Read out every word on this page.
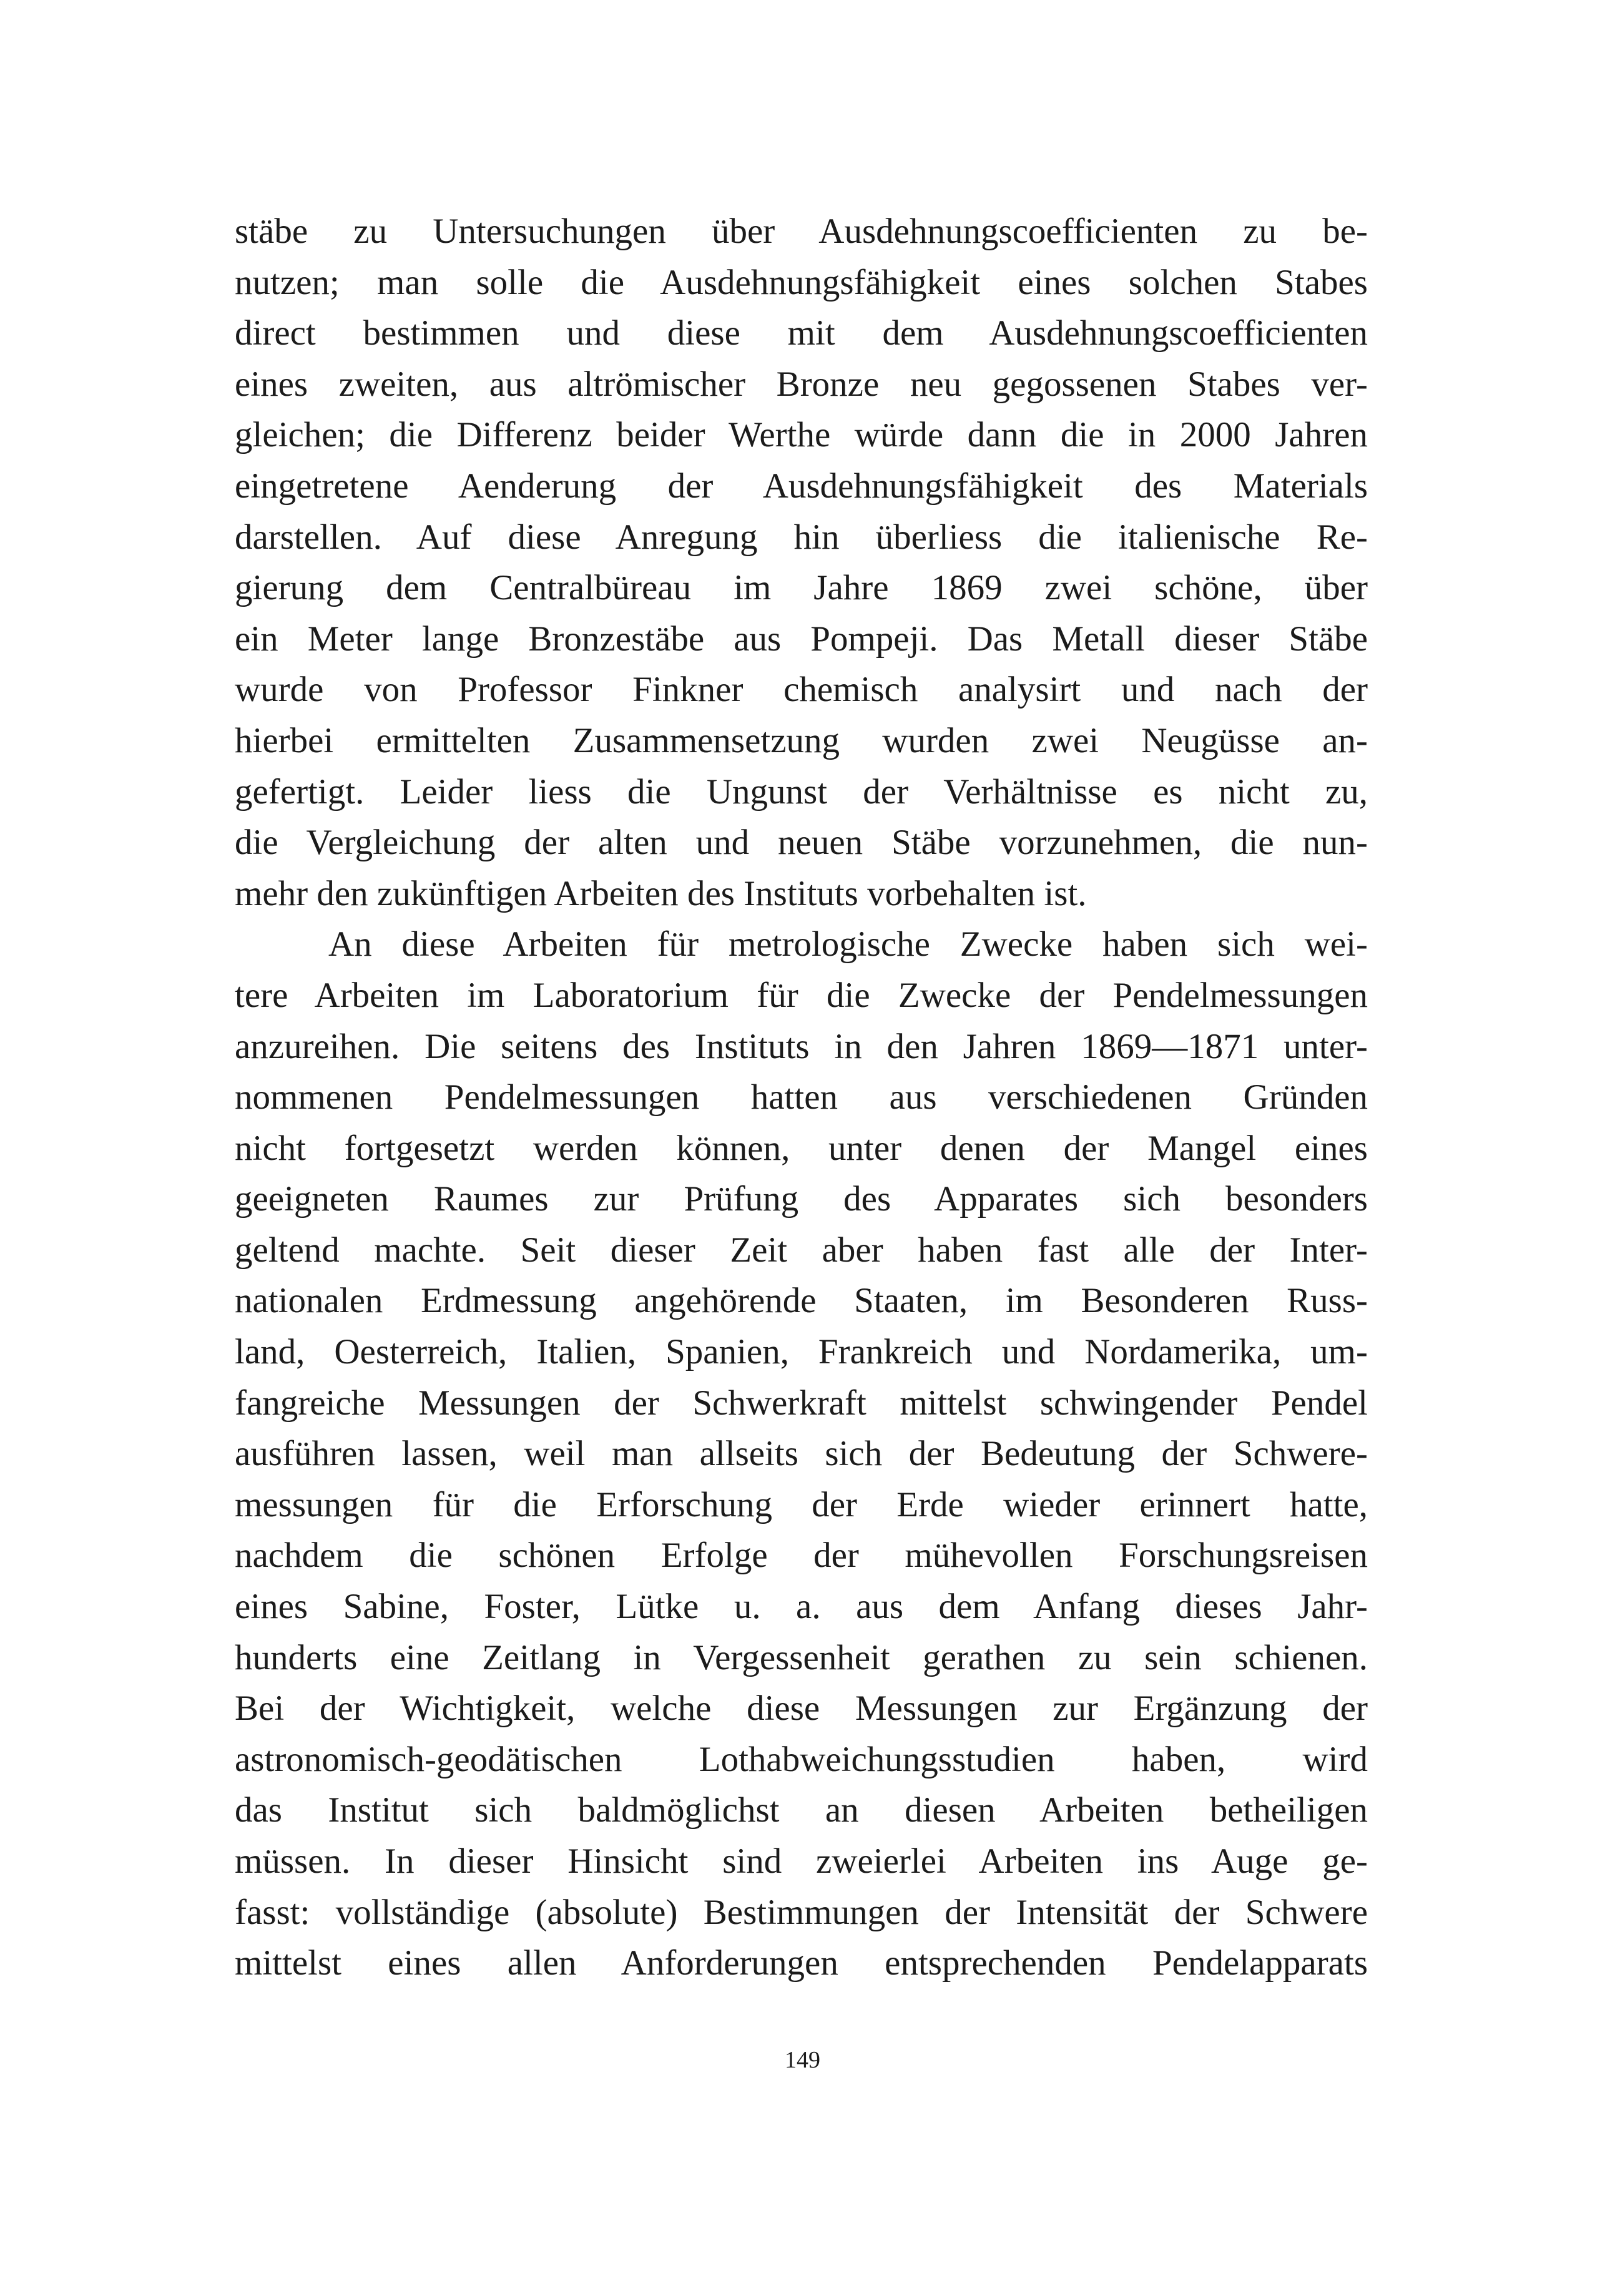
stäbe zu Untersuchungen über Ausdehnungscoefficienten zu be-
nutzen; man solle die Ausdehnungsfähigkeit eines solchen Stabes
direct bestimmen und diese mit dem Ausdehnungscoefficienten
eines zweiten, aus altrömischer Bronze neu gegossenen Stabes ver-
gleichen; die Differenz beider Werthe würde dann die in 2000 Jahren
eingetretene Aenderung der Ausdehnungsfähigkeit des Materials
darstellen. Auf diese Anregung hin überliess die italienische Re-
gierung dem Centralbüreau im Jahre 1869 zwei schöne, über
ein Meter lange Bronzestäbe aus Pompeji. Das Metall dieser Stäbe
wurde von Professor Finkner chemisch analysirt und nach der
hierbei ermittelten Zusammensetzung wurden zwei Neugüsse an-
gefertigt. Leider liess die Ungunst der Verhältnisse es nicht zu,
die Vergleichung der alten und neuen Stäbe vorzunehmen, die nun-
mehr den zukünftigen Arbeiten des Instituts vorbehalten ist.
An diese Arbeiten für metrologische Zwecke haben sich wei-
tere Arbeiten im Laboratorium für die Zwecke der Pendelmessungen
anzureihen. Die seitens des Instituts in den Jahren 1869—1871 unter-
nommenen Pendelmessungen hatten aus verschiedenen Gründen
nicht fortgesetzt werden können, unter denen der Mangel eines
geeigneten Raumes zur Prüfung des Apparates sich besonders
geltend machte. Seit dieser Zeit aber haben fast alle der Inter-
nationalen Erdmessung angehörende Staaten, im Besonderen Russ-
land, Oesterreich, Italien, Spanien, Frankreich und Nordamerika, um-
fangreiche Messungen der Schwerkraft mittelst schwingender Pendel
ausführen lassen, weil man allseits sich der Bedeutung der Schwere-
messungen für die Erforschung der Erde wieder erinnert hatte,
nachdem die schönen Erfolge der mühevollen Forschungsreisen
eines Sabine, Foster, Lütke u. a. aus dem Anfang dieses Jahr-
hunderts eine Zeitlang in Vergessenheit gerathen zu sein schienen.
Bei der Wichtigkeit, welche diese Messungen zur Ergänzung der
astronomisch-geodätischen Lothabweichungsstudien haben, wird
das Institut sich baldmöglichst an diesen Arbeiten betheiligen
müssen. In dieser Hinsicht sind zweierlei Arbeiten ins Auge ge-
fasst: vollständige (absolute) Bestimmungen der Intensität der Schwere
mittelst eines allen Anforderungen entsprechenden Pendelapparats
149
